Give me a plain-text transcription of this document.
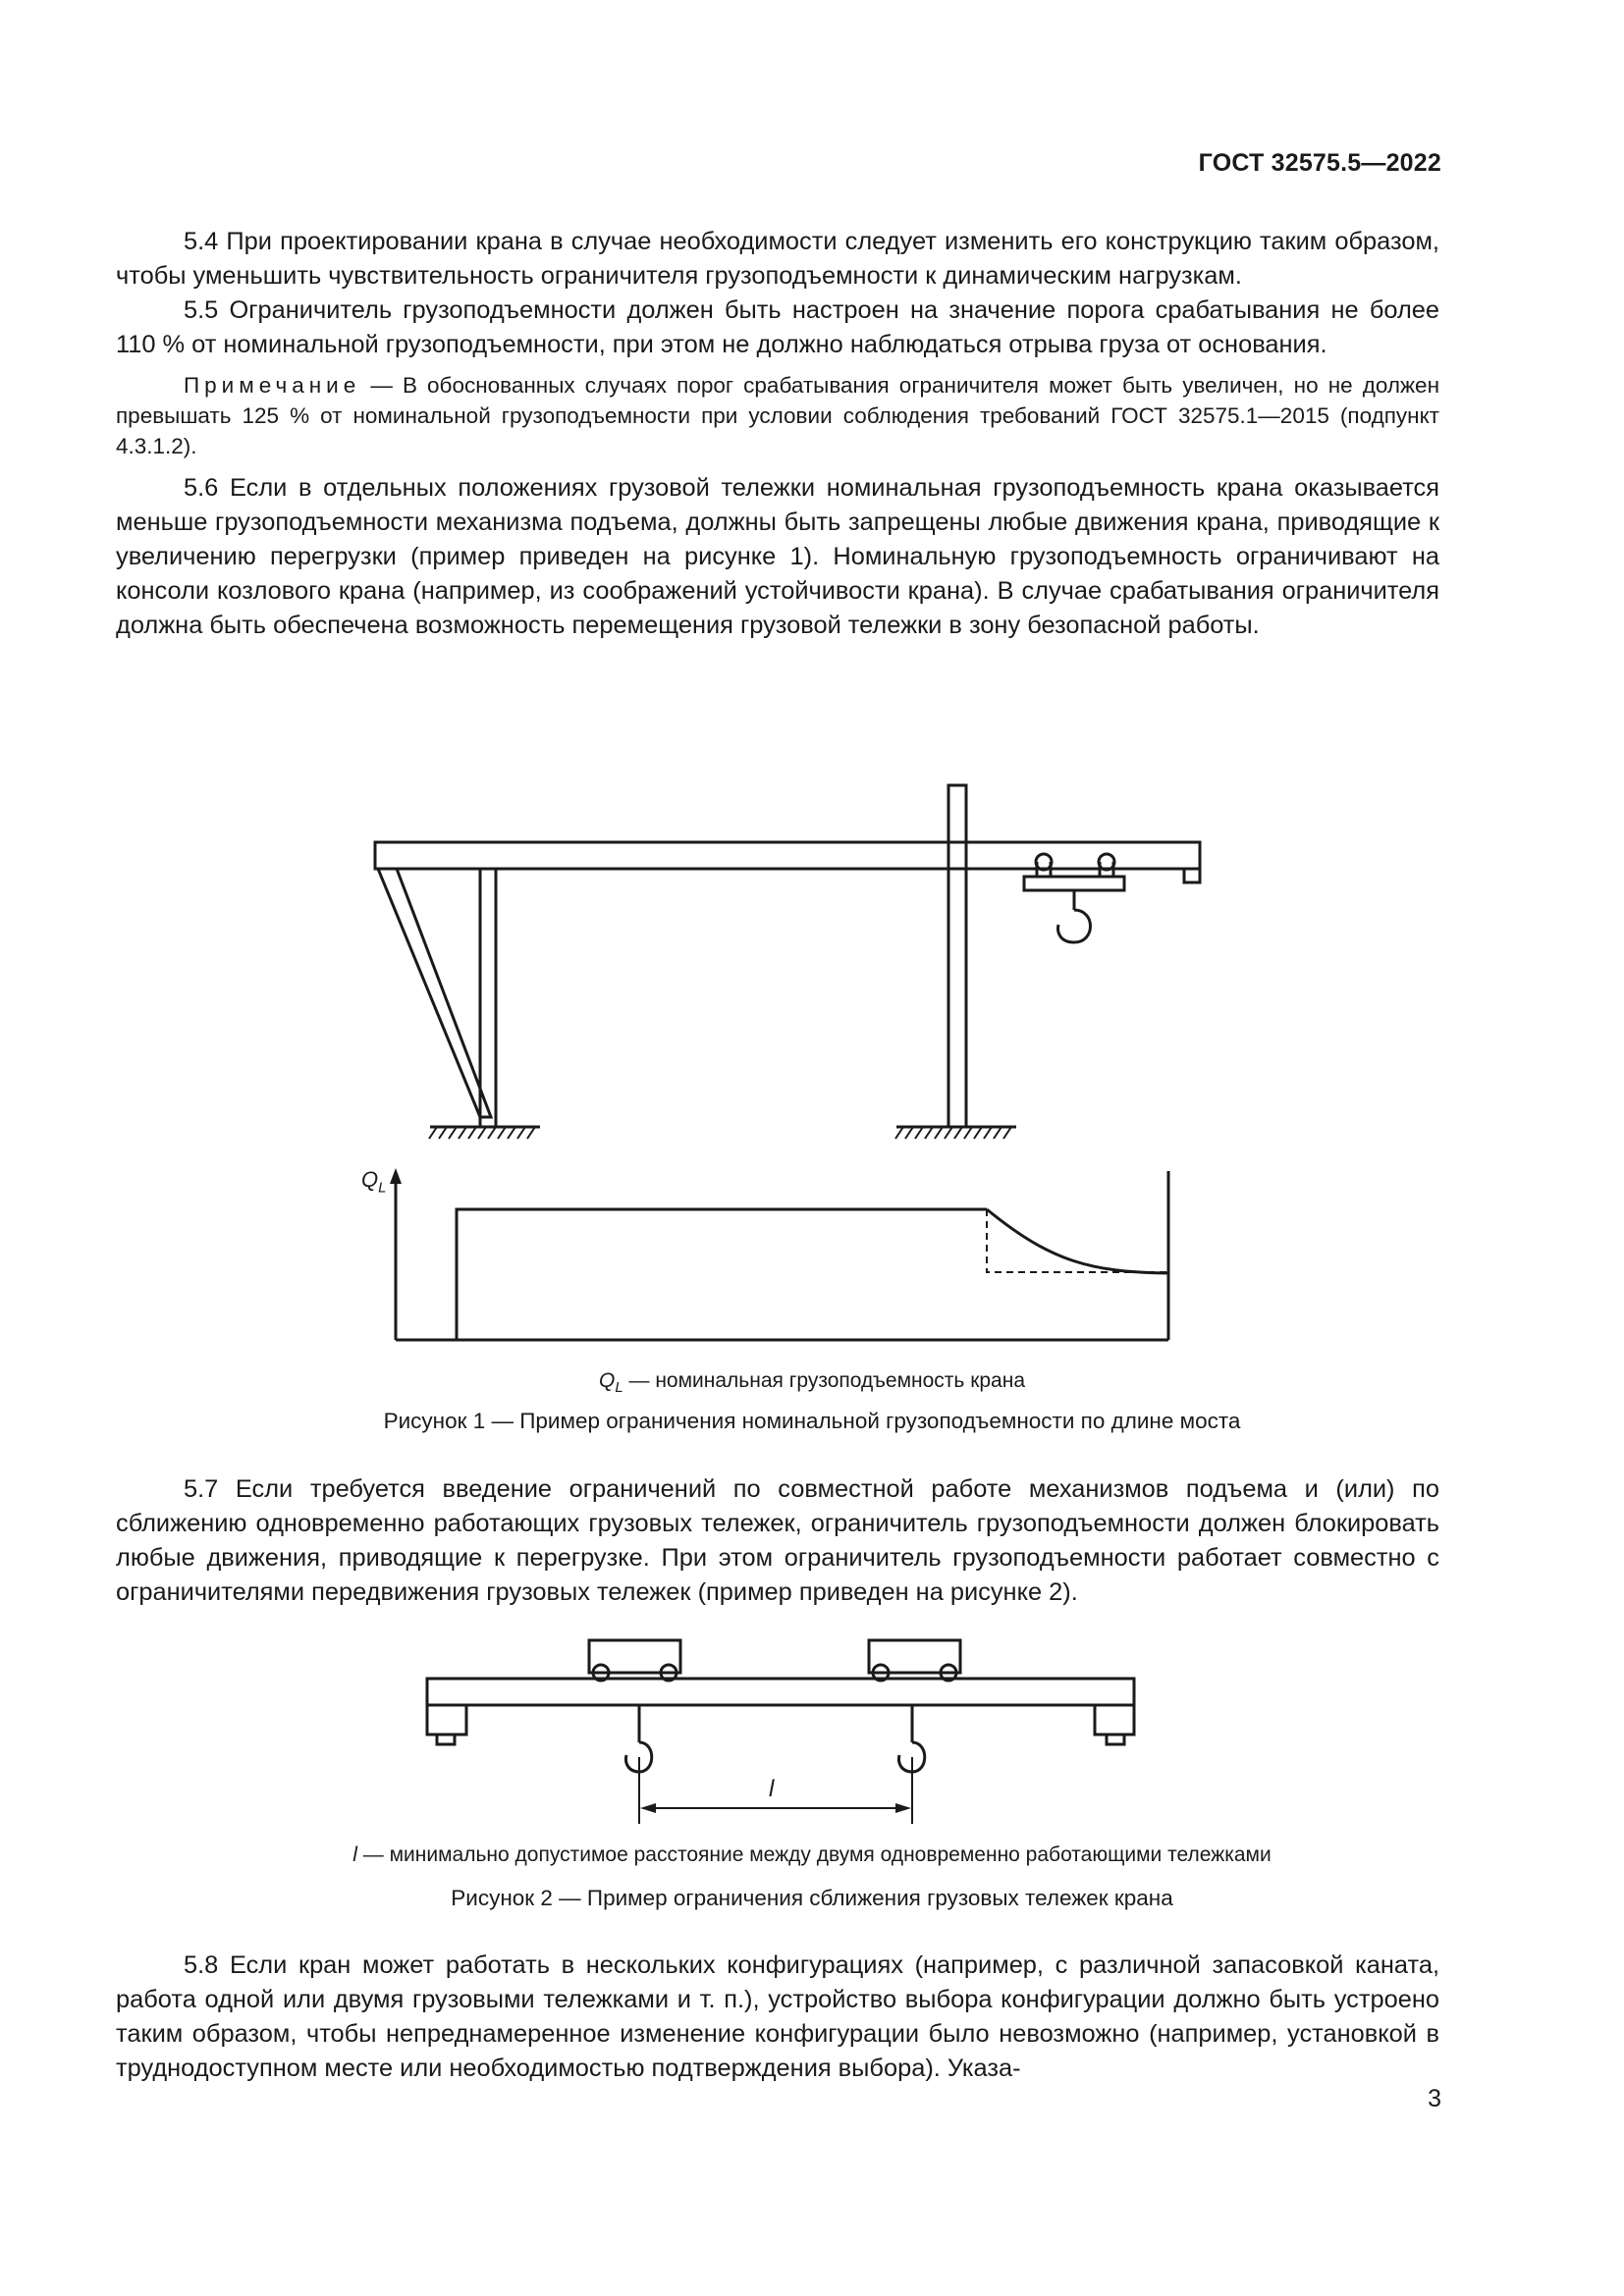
ГОСТ 32575.5—2022

5.4 При проектировании крана в случае необходимости следует изменить его конструкцию таким образом, чтобы уменьшить чувствительность ограничителя грузоподъемности к динамическим нагрузкам.

5.5 Ограничитель грузоподъемности должен быть настроен на значение порога срабатывания не более 110 % от номинальной грузоподъемности, при этом не должно наблюдаться отрыва груза от основания.

Примечание — В обоснованных случаях порог срабатывания ограничителя может быть увеличен, но не должен превышать 125 % от номинальной грузоподъемности при условии соблюдения требований ГОСТ 32575.1—2015 (подпункт 4.3.1.2).

5.6 Если в отдельных положениях грузовой тележки номинальная грузоподъемность крана оказывается меньше грузоподъемности механизма подъема, должны быть запрещены любые движения крана, приводящие к увеличению перегрузки (пример приведен на рисунке 1). Номинальную грузоподъемность ограничивают на консоли козлового крана (например, из соображений устойчивости крана). В случае срабатывания ограничителя должна быть обеспечена возможность перемещения грузовой тележки в зону безопасной работы.

$Q_L$
$Q_L$ — номинальная грузоподъемность крана
Рисунок 1 — Пример ограничения номинальной грузоподъемности по длине моста

5.7 Если требуется введение ограничений по совместной работе механизмов подъема и (или) по сближению одновременно работающих грузовых тележек, ограничитель грузоподъемности должен блокировать любые движения, приводящие к перегрузке. При этом ограничитель грузоподъемности работает совместно с ограничителями передвижения грузовых тележек (пример приведен на рисунке 2).

l
l — минимально допустимое расстояние между двумя одновременно работающими тележками
Рисунок 2 — Пример ограничения сближения грузовых тележек крана

5.8 Если кран может работать в нескольких конфигурациях (например, с различной запасовкой каната, работа одной или двумя грузовыми тележками и т. п.), устройство выбора конфигурации должно быть устроено таким образом, чтобы непреднамеренное изменение конфигурации было невозможно (например, установкой в труднодоступном месте или необходимостью подтверждения выбора). Указа-

3
